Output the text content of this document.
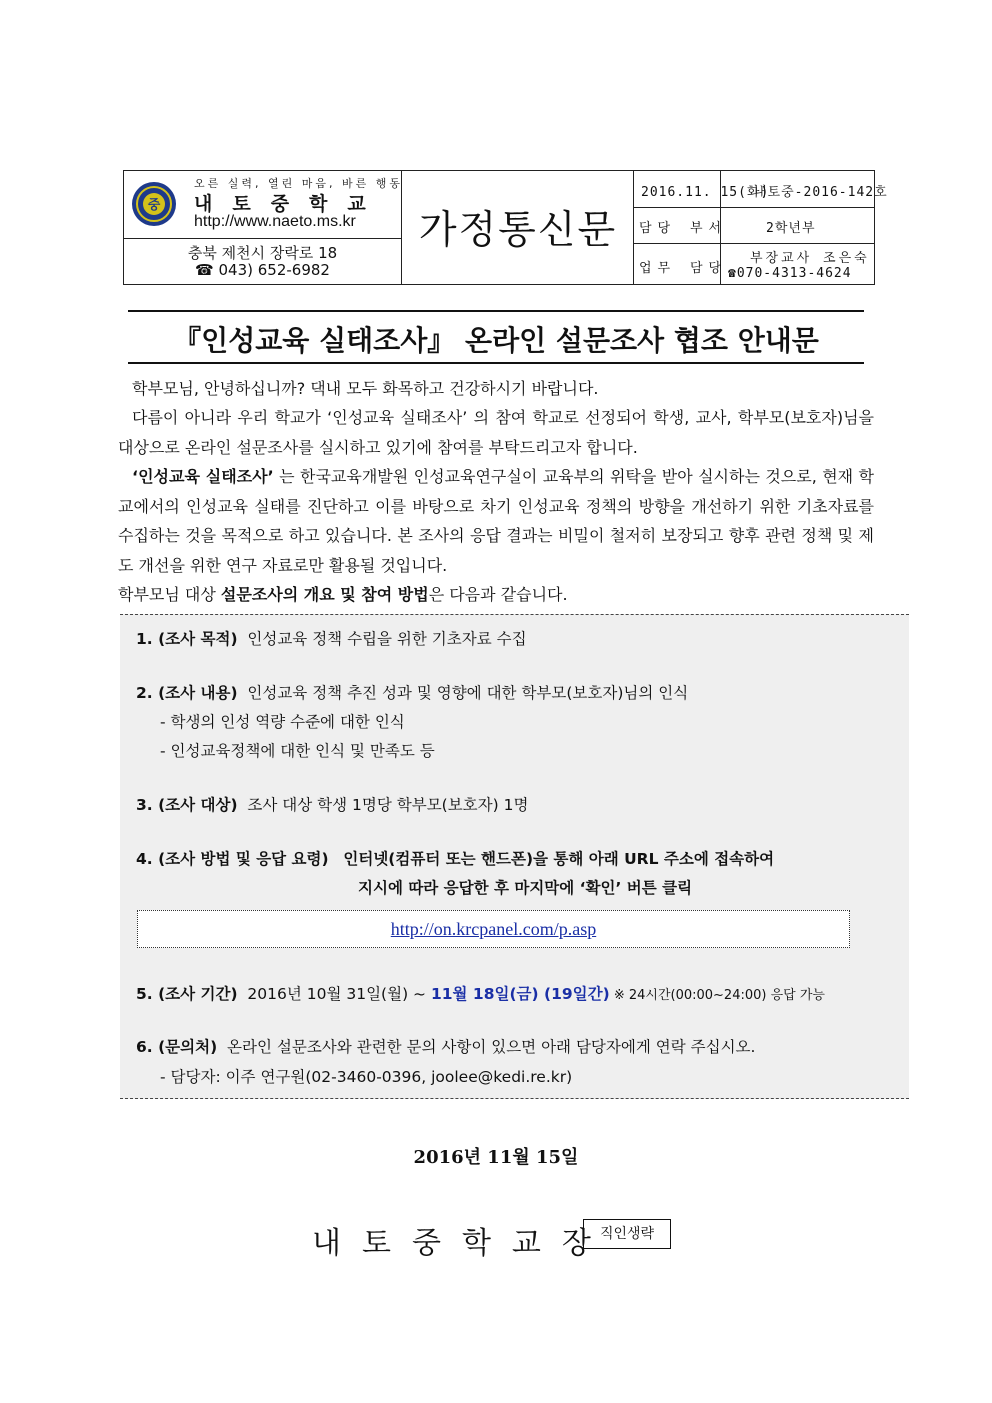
중
오른 실력, 열린 마음, 바른 행동
내토중학교
http://www.naeto.ms.kr
충북 제천시 장락로 18
☎ 043) 652-6982
가정통신문
2016.11. 15(화)
내토중-2016-142호
담당 부서	2학년부
업무 담당
부장교사 조은숙
☎070-4313-4624
『인성교육 실태조사』 온라인 설문조사 협조 안내문
학부모님, 안녕하십니까? 댁내 모두 화목하고 건강하시기 바랍니다.
다름이 아니라 우리 학교가 ‘인성교육 실태조사’ 의 참여 학교로 선정되어 학생, 교사, 학부모(보호자)님을 대상으로 온라인 설문조사를 실시하고 있기에 참여를 부탁드리고자 합니다.
‘인성교육 실태조사’ 는 한국교육개발원 인성교육연구실이 교육부의 위탁을 받아 실시하는 것으로, 현재 학교에서의 인성교육 실태를 진단하고 이를 바탕으로 차기 인성교육 정책의 방향을 개선하기 위한 기초자료를 수집하는 것을 목적으로 하고 있습니다. 본 조사의 응답 결과는 비밀이 철저히 보장되고 향후 관련 정책 및 제도 개선을 위한 연구 자료로만 활용될 것입니다.
학부모님 대상 설문조사의 개요 및 참여 방법은 다음과 같습니다.
1. (조사 목적) 인성교육 정책 수립을 위한 기초자료 수집
2. (조사 내용) 인성교육 정책 추진 성과 및 영향에 대한 학부모(보호자)님의 인식
- 학생의 인성 역량 수준에 대한 인식
- 인성교육정책에 대한 인식 및 만족도 등
3. (조사 대상) 조사 대상 학생 1명당 학부모(보호자) 1명
4. (조사 방법 및 응답 요령) 인터넷(컴퓨터 또는 핸드폰)을 통해 아래 URL 주소에 접속하여
지시에 따라 응답한 후 마지막에 ‘확인’ 버튼 클릭
http://on.krcpanel.com/p.asp
5. (조사 기간) 2016년 10월 31일(월) ~ 11월 18일(금) (19일간) ※ 24시간(00:00~24:00) 응답 가능
6. (문의처) 온라인 설문조사와 관련한 문의 사항이 있으면 아래 담당자에게 연락 주십시오.
- 담당자: 이주 연구원(02-3460-0396, joolee@kedi.re.kr)
2016년 11월 15일
내토중학교장
직인생략
